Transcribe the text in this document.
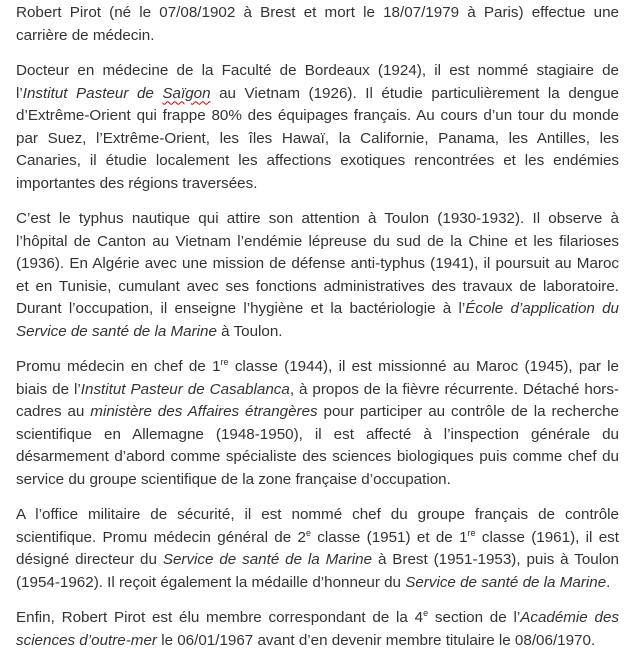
Robert Pirot (né le 07/08/1902 à Brest et mort le 18/07/1979 à Paris) effectue une carrière de médecin.

Docteur en médecine de la Faculté de Bordeaux (1924), il est nommé stagiaire de l’Institut Pasteur de Saïgon au Vietnam (1926). Il étudie particulièrement la dengue d’Extrême-Orient qui frappe 80% des équipages français. Au cours d’un tour du monde par Suez, l’Extrême-Orient, les îles Hawaï, la Californie, Panama, les Antilles, les Canaries, il étudie localement les affections exotiques rencontrées et les endémies importantes des régions traversées.

C’est le typhus nautique qui attire son attention à Toulon (1930-1932). Il observe à l’hôpital de Canton au Vietnam l’endémie lépreuse du sud de la Chine et les filarioses (1936). En Algérie avec une mission de défense anti-typhus (1941), il poursuit au Maroc et en Tunisie, cumulant avec ses fonctions administratives des travaux de laboratoire. Durant l’occupation, il enseigne l’hygiène et la bactériologie à l’École d’application du Service de santé de la Marine à Toulon.

Promu médecin en chef de 1re classe (1944), il est missionné au Maroc (1945), par le biais de l’Institut Pasteur de Casablanca, à propos de la fièvre récurrente. Détaché hors-cadres au ministère des Affaires étrangères pour participer au contrôle de la recherche scientifique en Allemagne (1948-1950), il est affecté à l’inspection générale du désarmement d’abord comme spécialiste des sciences biologiques puis comme chef du service du groupe scientifique de la zone française d’occupation.

A l’office militaire de sécurité, il est nommé chef du groupe français de contrôle scientifique. Promu médecin général de 2e classe (1951) et de 1re classe (1961), il est désigné directeur du Service de santé de la Marine à Brest (1951-1953), puis à Toulon (1954-1962). Il reçoit également la médaille d’honneur du Service de santé de la Marine.

Enfin, Robert Pirot est élu membre correspondant de la 4e section de l’Académie des sciences d’outre-mer le 06/01/1967 avant d’en devenir membre titulaire le 08/06/1970.
